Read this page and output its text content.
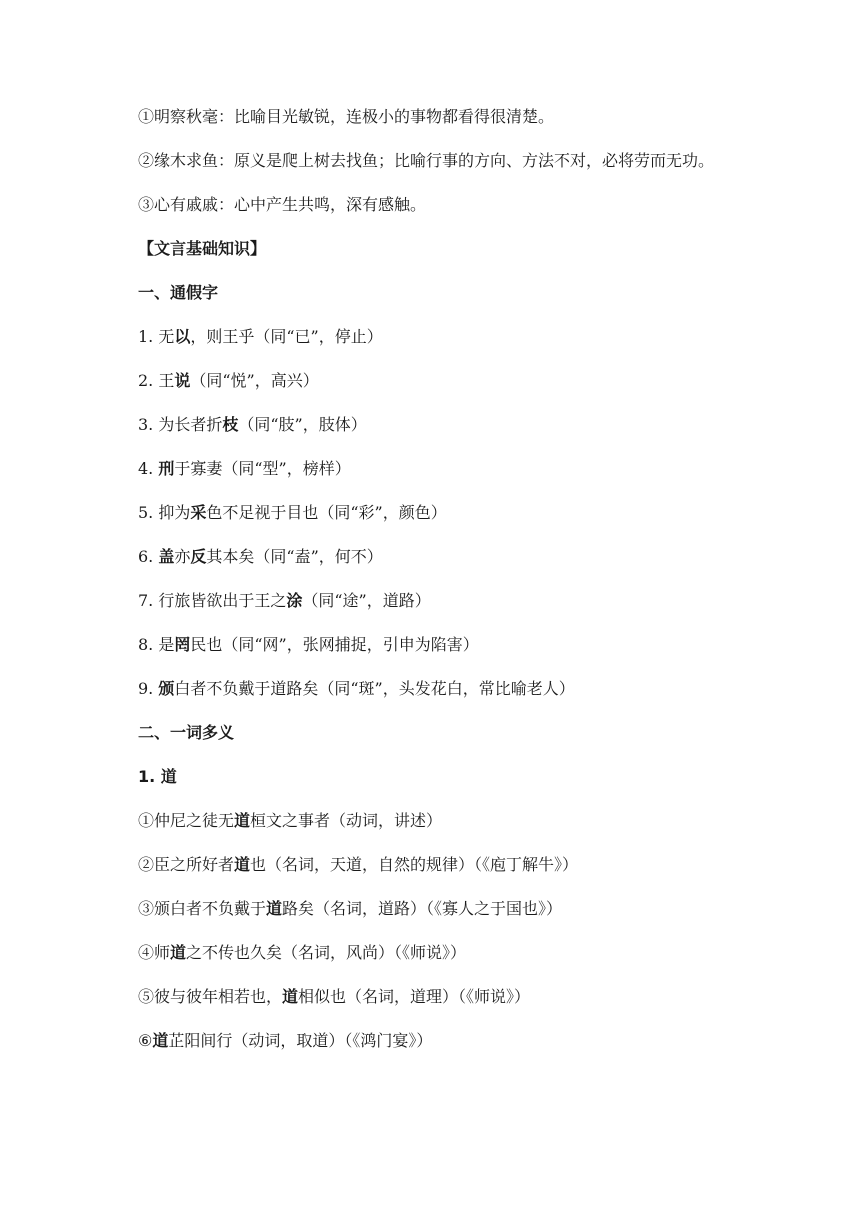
①明察秋毫：比喻目光敏锐，连极小的事物都看得很清楚。

②缘木求鱼：原义是爬上树去找鱼；比喻行事的方向、方法不对，必将劳而无功。

③心有戚戚：心中产生共鸣，深有感触。

【文言基础知识】

一、通假字

1. 无以，则王乎（同“已”，停止）

2. 王说（同“悦”，高兴）

3. 为长者折枝（同“肢”，肢体）

4. 刑于寡妻（同“型”，榜样）

5. 抑为采色不足视于目也（同“彩”，颜色）

6. 盖亦反其本矣（同“盍”，何不）

7. 行旅皆欲出于王之涂（同“途”，道路）

8. 是罔民也（同“网”，张网捕捉，引申为陷害）

9. 颁白者不负戴于道路矣（同“斑”，头发花白，常比喻老人）

二、一词多义

1. 道

①仲尼之徒无道桓文之事者（动词，讲述）

②臣之所好者道也（名词，天道，自然的规律）（《庖丁解牛》）

③颁白者不负戴于道路矣（名词，道路）（《寡人之于国也》）

④师道之不传也久矣（名词，风尚）（《师说》）

⑤彼与彼年相若也，道相似也（名词，道理）（《师说》）

⑥道芷阳间行（动词，取道）（《鸿门宴》）
